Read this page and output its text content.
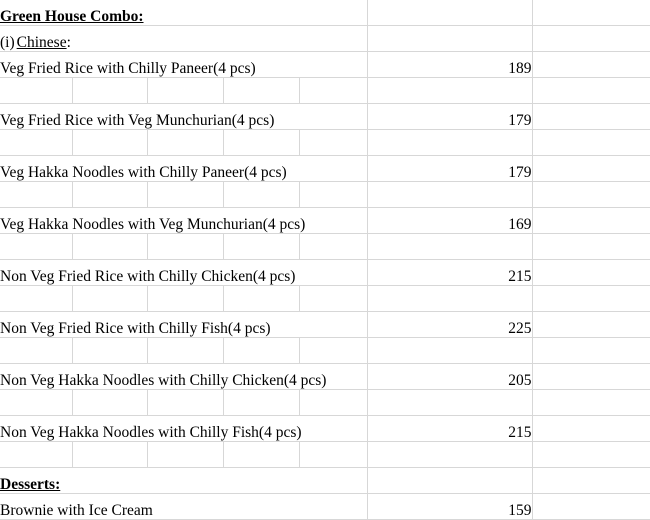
Green House Combo:						
(i)Chinese:						
Veg Fried Rice with Chilly Paneer(4 pcs)					189	

Veg Fried Rice with Veg Munchurian(4 pcs)					179	

Veg Hakka Noodles with Chilly Paneer(4 pcs)					179	

Veg Hakka Noodles with Veg Munchurian(4 pcs)					169	

Non Veg Fried Rice with Chilly Chicken(4 pcs)					215	

Non Veg Fried Rice with Chilly Fish(4 pcs)					225	

Non Veg Hakka Noodles with Chilly Chicken(4 pcs)					205	

Non Veg Hakka Noodles with Chilly Fish(4 pcs)					215	

Desserts:						
Brownie with Ice Cream					159	
